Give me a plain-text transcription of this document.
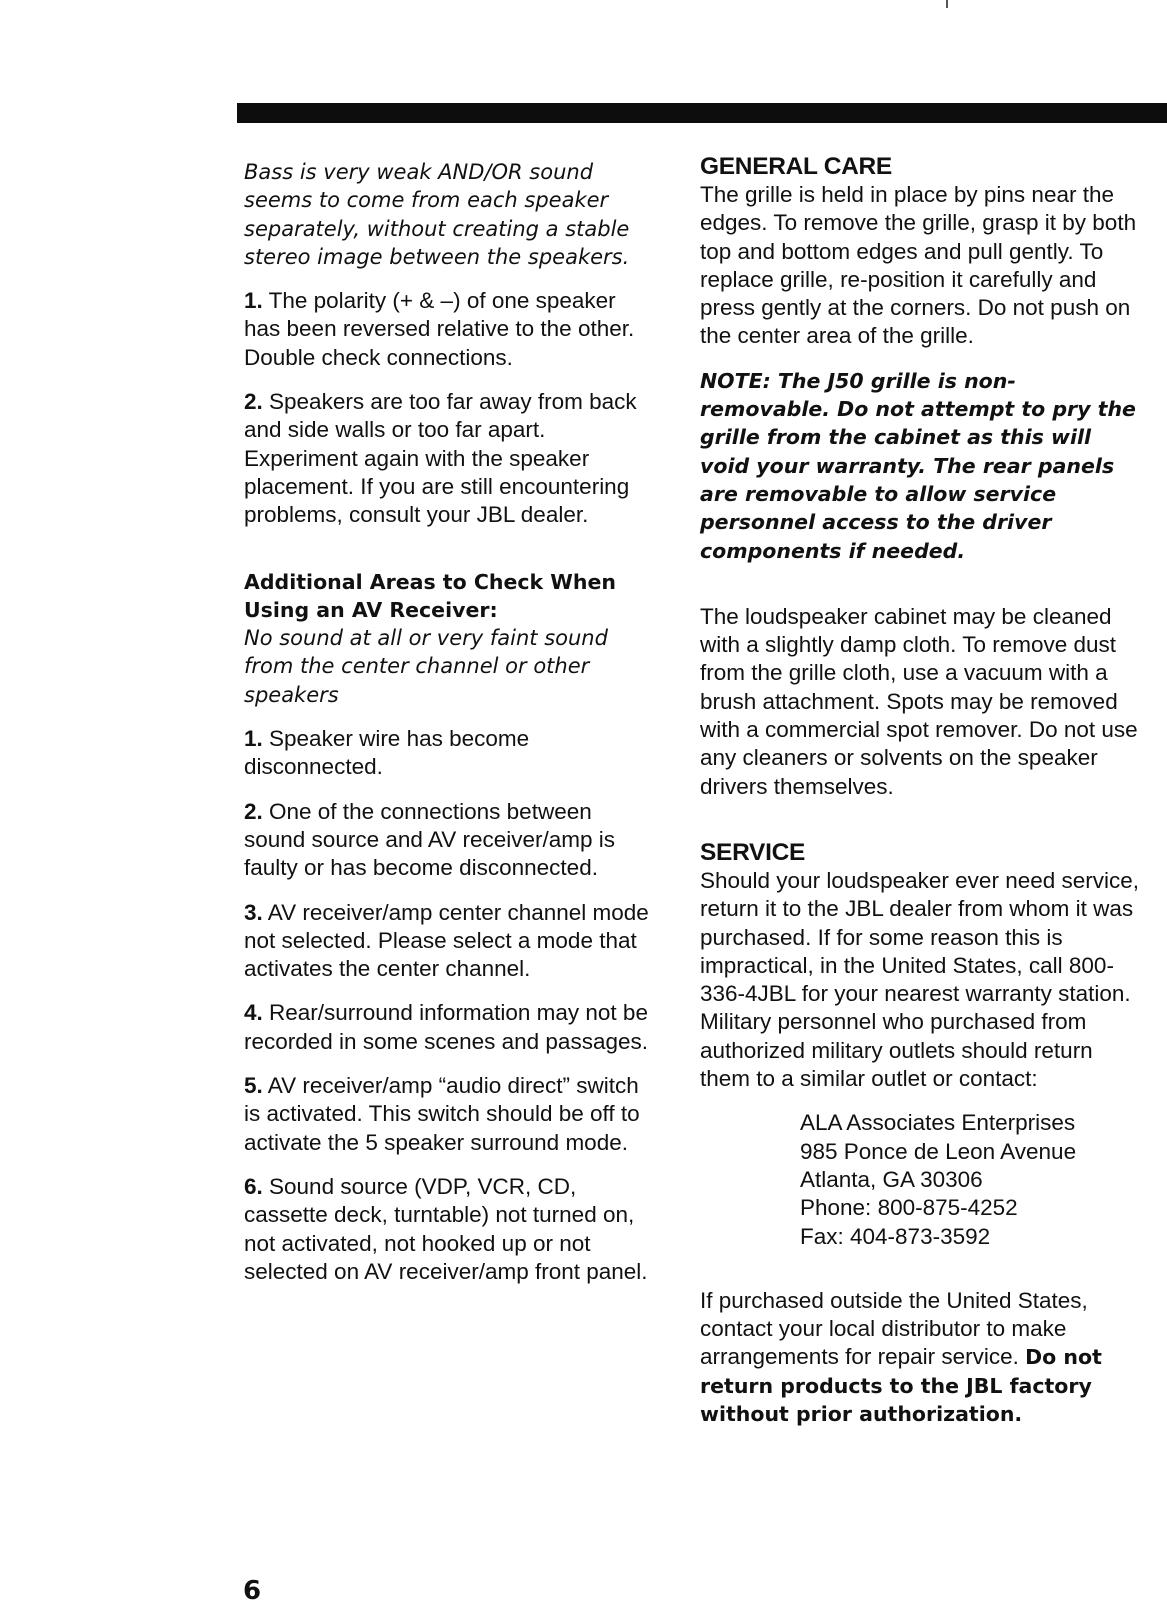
Bass is very weak AND/OR sound seems to come from each speaker separately, without creating a stable stereo image between the speakers.

1. The polarity (+ & –) of one speaker has been reversed relative to the other. Double check connections.

2. Speakers are too far away from back and side walls or too far apart. Experiment again with the speaker placement. If you are still encountering problems, consult your JBL dealer.

Additional Areas to Check When Using an AV Receiver:

No sound at all or very faint sound from the center channel or other speakers

1. Speaker wire has become disconnected.

2. One of the connections between sound source and AV receiver/amp is faulty or has become disconnected.

3. AV receiver/amp center channel mode not selected. Please select a mode that activates the center channel.

4. Rear/surround information may not be recorded in some scenes and passages.

5. AV receiver/amp “audio direct” switch is activated. This switch should be off to activate the 5 speaker surround mode.

6. Sound source (VDP, VCR, CD, cassette deck, turntable) not turned on, not activated, not hooked up or not selected on AV receiver/amp front panel.

GENERAL CARE

The grille is held in place by pins near the edges. To remove the grille, grasp it by both top and bottom edges and pull gently. To replace grille, re-position it carefully and press gently at the corners. Do not push on the center area of the grille.

NOTE: The J50 grille is non-removable. Do not attempt to pry the grille from the cabinet as this will void your warranty. The rear panels are removable to allow service personnel access to the driver components if needed.

The loudspeaker cabinet may be cleaned with a slightly damp cloth. To remove dust from the grille cloth, use a vacuum with a brush attachment. Spots may be removed with a commercial spot remover. Do not use any cleaners or solvents on the speaker drivers themselves.

SERVICE

Should your loudspeaker ever need service, return it to the JBL dealer from whom it was purchased. If for some reason this is impractical, in the United States, call 800-336-4JBL for your nearest warranty station. Military personnel who purchased from authorized military outlets should return them to a similar outlet or contact:

ALA Associates Enterprises

985 Ponce de Leon Avenue

Atlanta, GA 30306

Phone: 800-875-4252

Fax: 404-873-3592

If purchased outside the United States, contact your local distributor to make arrangements for repair service. Do not return products to the JBL factory without prior authorization.

6
